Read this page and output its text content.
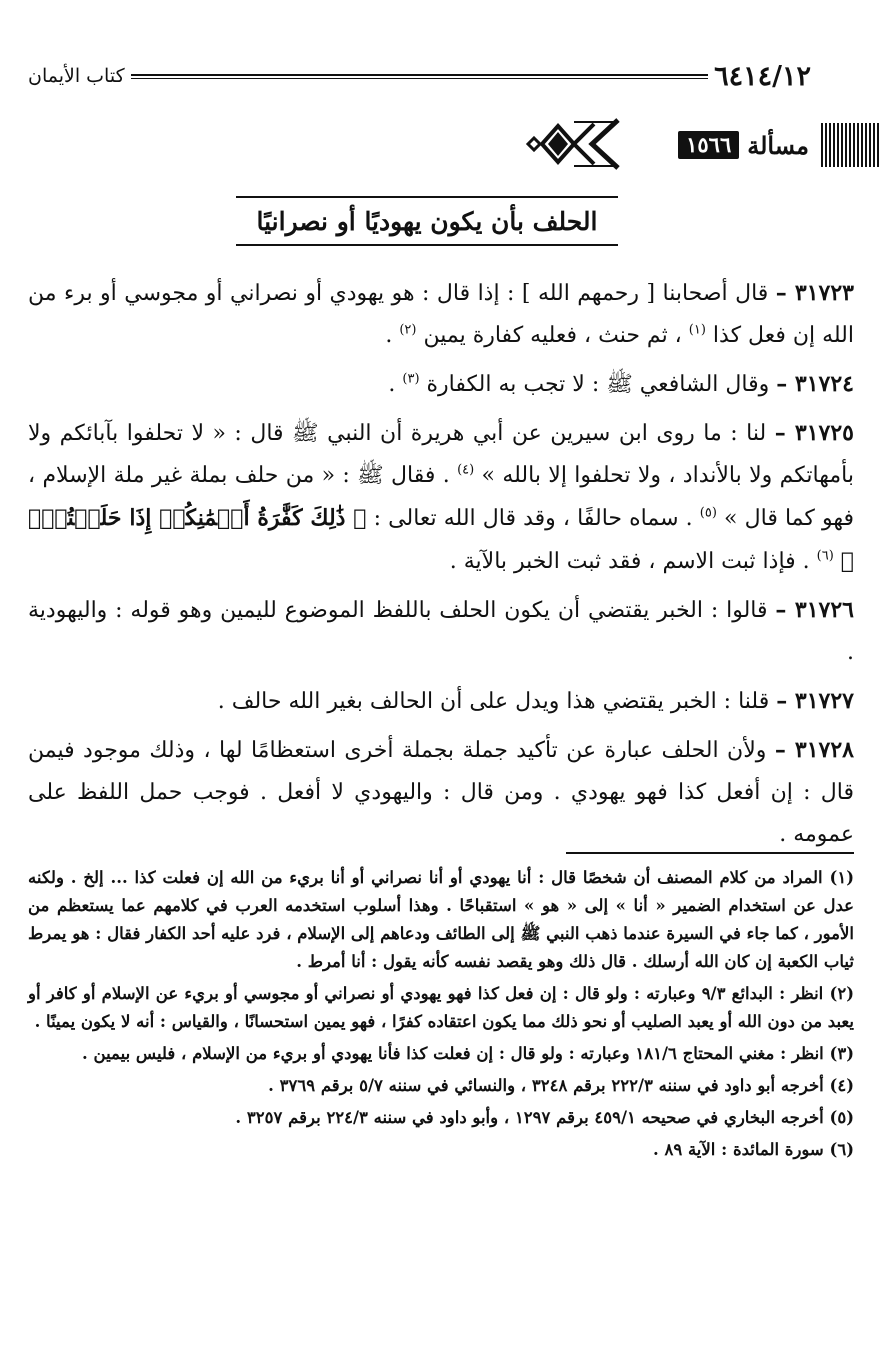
٦٤١٤/١٢
كتاب الأيمان
مسألة
١٥٦٦
الحلف بأن يكون يهوديًا أو نصرانيًا

٣١٧٢٣ – قال أصحابنا [ رحمهم الله ] : إذا قال : هو يهودي أو نصراني أو مجوسي أو برء من الله إن فعل كذا $^{(١)}$ ، ثم حنث ، فعليه كفارة يمين $^{(٢)}$ .

٣١٧٢٤ – وقال الشافعي ﷺ : لا تجب به الكفارة $^{(٣)}$ .

٣١٧٢٥ – لنا : ما روى ابن سيرين عن أبي هريرة أن النبي ﷺ قال : « لا تحلفوا بآبائكم ولا بأمهاتكم ولا بالأنداد ، ولا تحلفوا إلا بالله » $^{(٤)}$ . فقال ﷺ : « من حلف بملة غير ملة الإسلام ، فهو كما قال » $^{(٥)}$ . سماه حالفًا ، وقد قال الله تعالى : ﴿ ذَٰلِكَ كَفَّٰرَةُ أَيۡمَٰنِكُمۡ إِذَا حَلَفۡتُمۡۚ ﴾ $^{(٦)}$ . فإذا ثبت الاسم ، فقد ثبت الخبر بالآية .

٣١٧٢٦ – قالوا : الخبر يقتضي أن يكون الحلف باللفظ الموضوع لليمين وهو قوله : واليهودية .

٣١٧٢٧ – قلنا : الخبر يقتضي هذا ويدل على أن الحالف بغير الله حالف .

٣١٧٢٨ – ولأن الحلف عبارة عن تأكيد جملة بجملة أخرى استعظامًا لها ، وذلك موجود فيمن قال : إن أفعل كذا فهو يهودي . ومن قال : واليهودي لا أفعل . فوجب حمل اللفظ على عمومه .

(١) المراد من كلام المصنف أن شخصًا قال : أنا يهودي أو أنا نصراني أو أنا بريء من الله إن فعلت كذا ... إلخ . ولكنه عدل عن استخدام الضمير « أنا » إلى « هو » استقباحًا . وهذا أسلوب استخدمه العرب في كلامهم عما يستعظم من الأمور ، كما جاء في السيرة عندما ذهب النبي ﷺ إلى الطائف ودعاهم إلى الإسلام ، فرد عليه أحد الكفار فقال : هو يمرط ثياب الكعبة إن كان الله أرسلك . قال ذلك وهو يقصد نفسه كأنه يقول : أنا أمرط .

(٢) انظر : البدائع ٩/٣ وعبارته : ولو قال : إن فعل كذا فهو يهودي أو نصراني أو مجوسي أو بريء عن الإسلام أو كافر أو يعبد من دون الله أو يعبد الصليب أو نحو ذلك مما يكون اعتقاده كفرًا ، فهو يمين استحسانًا ، والقياس : أنه لا يكون يمينًا .

(٣) انظر : مغني المحتاج ١٨١/٦ وعبارته : ولو قال : إن فعلت كذا فأنا يهودي أو بريء من الإسلام ، فليس بيمين .

(٤) أخرجه أبو داود في سننه ٢٢٢/٣ برقم ٣٢٤٨ ، والنسائي في سننه ٥/٧ برقم ٣٧٦٩ .

(٥) أخرجه البخاري في صحيحه ٤٥٩/١ برقم ١٢٩٧ ، وأبو داود في سننه ٢٢٤/٣ برقم ٣٢٥٧ .

(٦) سورة المائدة : الآية ٨٩ .
